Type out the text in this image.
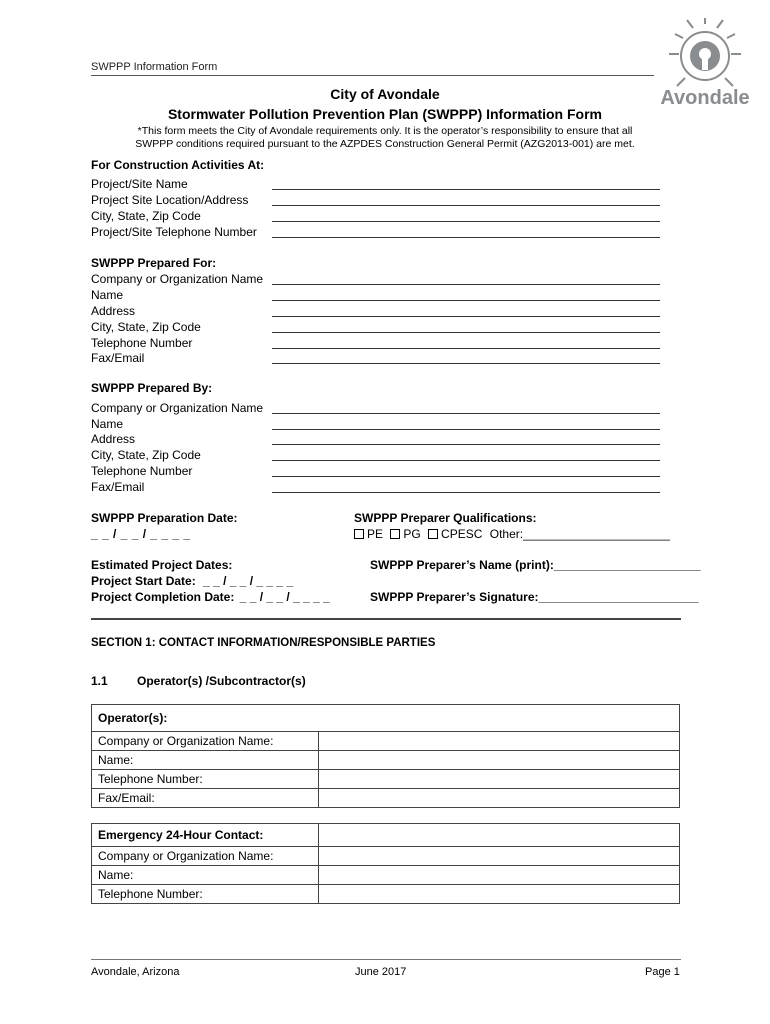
SWPPP Information Form
Avondale
City of Avondale
Stormwater Pollution Prevention Plan (SWPPP) Information Form
*This form meets the City of Avondale requirements only. It is the operator’s responsibility to ensure that all
SWPPP conditions required pursuant to the AZPDES Construction General Permit (AZG2013-001) are met.
For Construction Activities At:
Project/Site Name
Project Site Location/Address
City, State, Zip Code
Project/Site Telephone Number
SWPPP Prepared For:
Company or Organization Name
Name
Address
City, State, Zip Code
Telephone Number
Fax/Email
SWPPP Prepared By:
Company or Organization Name
Name
Address
City, State, Zip Code
Telephone Number
Fax/Email
SWPPP Preparation Date:
_ _ / _ _ / _ _ _ _
SWPPP Preparer Qualifications:
PE PG CPESC Other:______________________
Estimated Project Dates:
Project Start Date: _ _ / _ _ / _ _ _ _
Project Completion Date: _ _ / _ _ / _ _ _ _
SWPPP Preparer’s Name (print):______________________
SWPPP Preparer’s Signature:________________________
SECTION 1: CONTACT INFORMATION/RESPONSIBLE PARTIES
1.1 Operator(s) /Subcontractor(s)
Operator(s):	
Company or Organization Name:	
Name:	
Telephone Number:	
Fax/Email:	
Emergency 24-Hour Contact:	
Company or Organization Name:	
Name:	
Telephone Number:	
Avondale, Arizona	June 2017	Page 1
